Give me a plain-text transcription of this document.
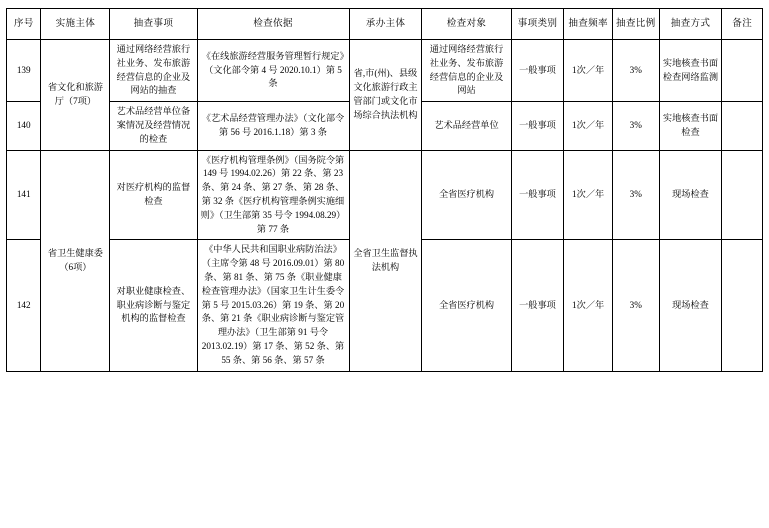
序号	实施主体	抽查事项	检查依据	承办主体	检查对象	事项类别	抽查频率	抽查比例	抽查方式	备注
139	省文化和旅游厅（7项）	通过网络经营旅行社业务、发布旅游经营信息的企业及网站的抽查	《在线旅游经营服务管理暂行规定》（文化部令第 4 号 2020.10.1）第 5 条	省,市(州)、县级文化旅游行政主管部门或文化市场综合执法机构	通过网络经营旅行社业务、发布旅游经营信息的企业及网站	一般事项	1次／年	3%	实地核查书面检查网络监测	
140		艺术品经营单位备案情况及经营情况的检查	《艺术品经营管理办法》（文化部令第 56 号 2016.1.18）第 3 条		艺术品经营单位	一般事项	1次／年	3%	实地核查书面检查	
141	省卫生健康委（6项）	对医疗机构的监督检查	《医疗机构管理条例》（国务院令第 149 号 1994.02.26）第 22 条、第 23 条、第 24 条、第 27 条、第 28 条、第 32 条《医疗机构管理条例实施细则》（卫生部第 35 号令 1994.08.29）第 77 条	全省卫生监督执法机构	全省医疗机构	一般事项	1次／年	3%	现场检查	
142		对职业健康检查、职业病诊断与鉴定机构的监督检查	《中华人民共和国职业病防治法》（主席令第 48 号 2016.09.01）第 80 条、第 81 条、第 75 条《职业健康检查管理办法》（国家卫生计生委令第 5 号 2015.03.26）第 19 条、第 20 条、第 21 条《职业病诊断与鉴定管理办法》（卫生部第 91 号令 2013.02.19）第 17 条、第 52 条、第 55 条、第 56 条、第 57 条		全省医疗机构	一般事项	1次／年	3%	现场检查	
